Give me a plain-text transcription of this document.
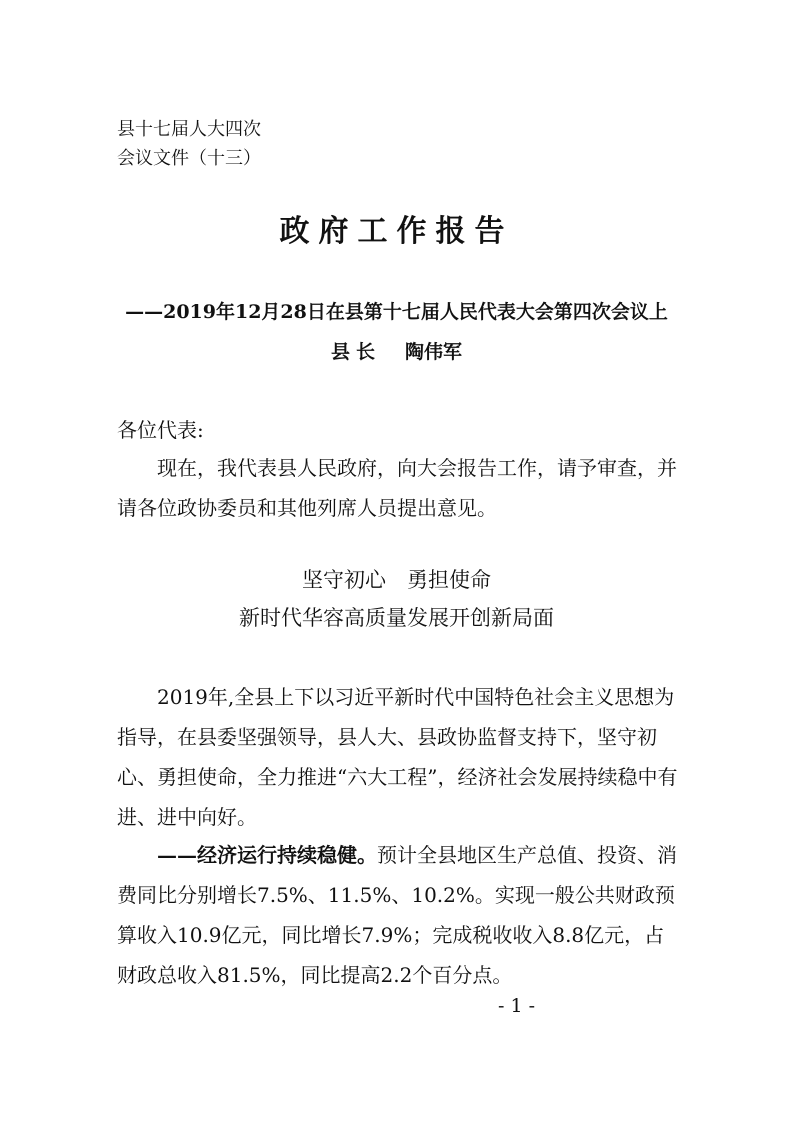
县十七届人大四次
会议文件（十三）
政府工作报告
——2019年12月28日在县第十七届人民代表大会第四次会议上
县长 陶伟军
各位代表:
现在，我代表县人民政府，向大会报告工作，请予审查，并请各位政协委员和其他列席人员提出意见。
坚守初心　勇担使命
新时代华容高质量发展开创新局面
2019年,全县上下以习近平新时代中国特色社会主义思想为指导，在县委坚强领导，县人大、县政协监督支持下，坚守初心、勇担使命，全力推进“六大工程”，经济社会发展持续稳中有进、进中向好。
——经济运行持续稳健。预计全县地区生产总值、投资、消费同比分别增长7.5%、11.5%、10.2%。实现一般公共财政预算收入10.9亿元，同比增长7.9%；完成税收收入8.8亿元，占财政总收入81.5%，同比提高2.2个百分点。
- 1 -
